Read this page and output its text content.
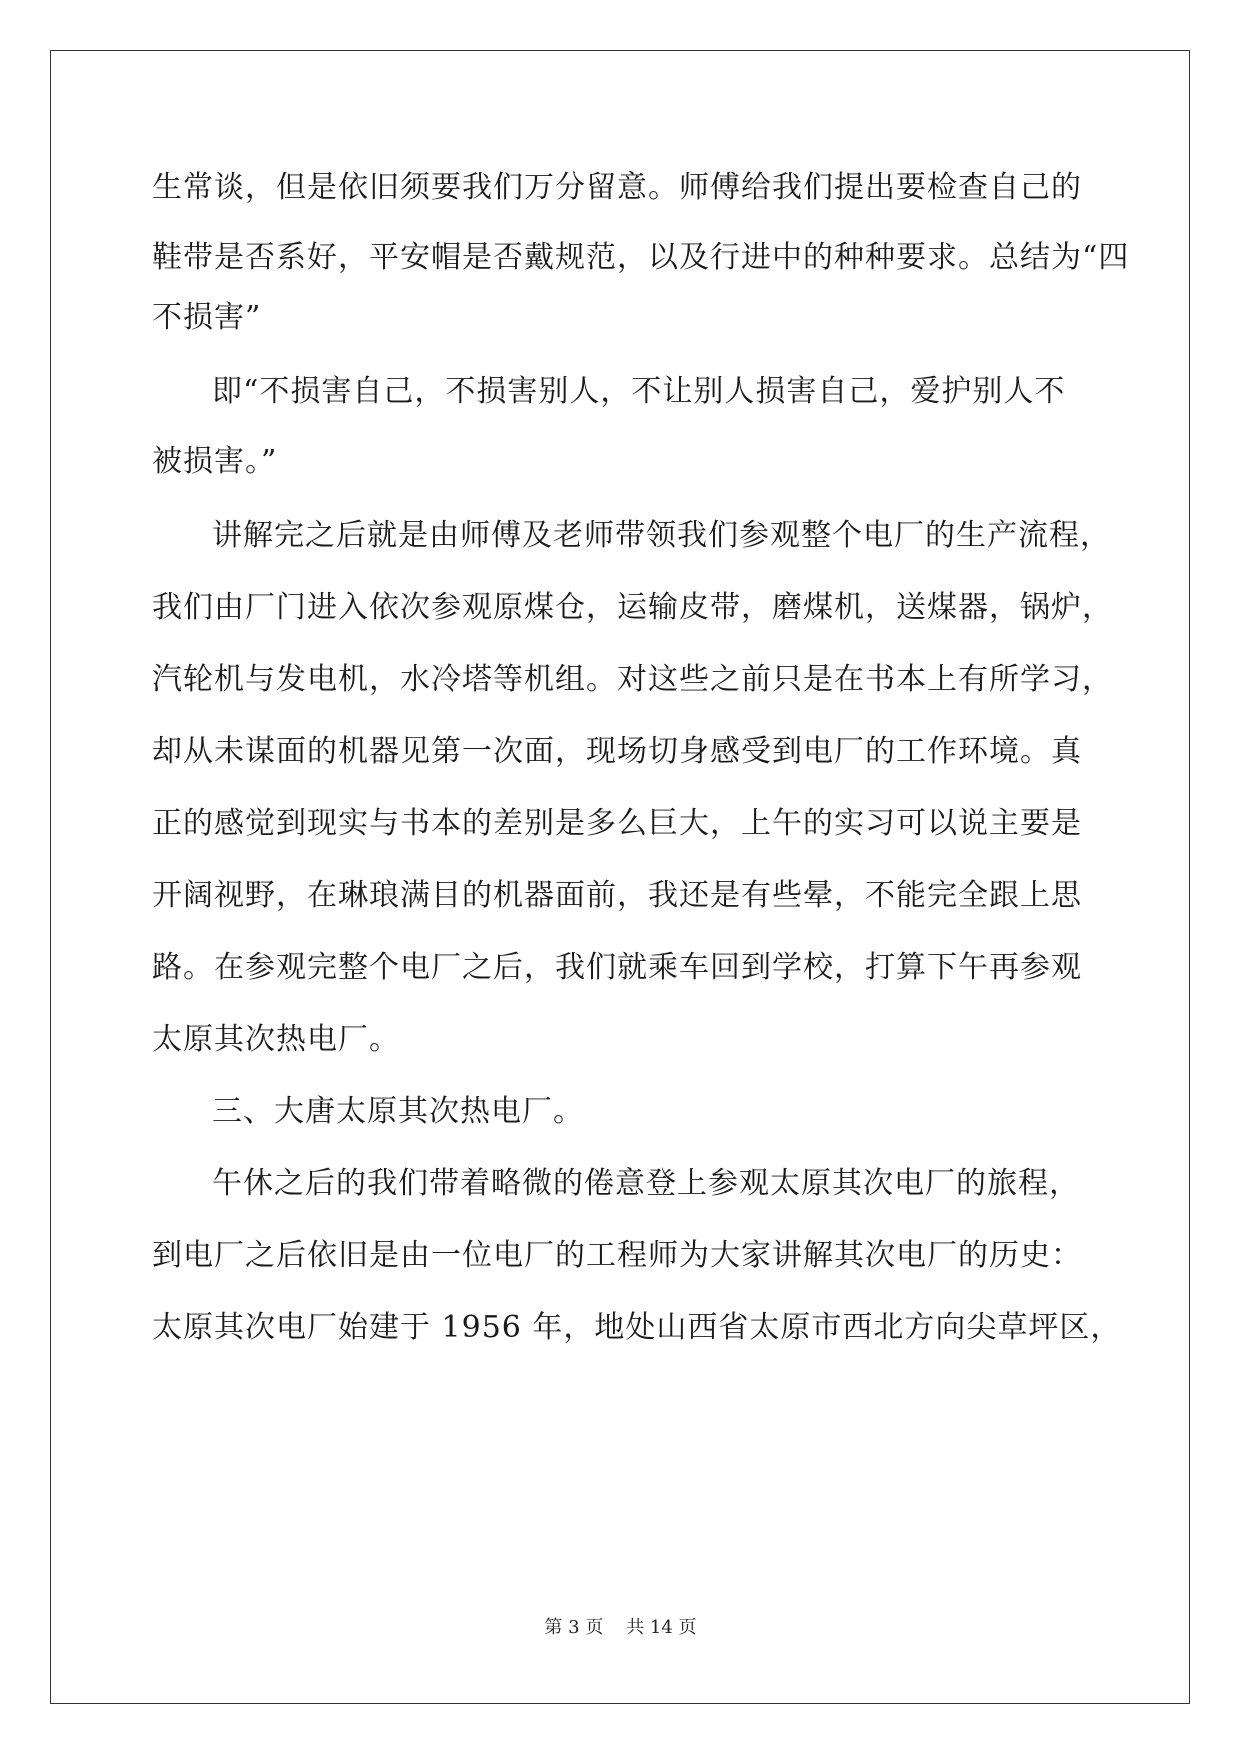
生常谈，但是依旧须要我们万分留意。师傅给我们提出要检查自己的
鞋带是否系好，平安帽是否戴规范，以及行进中的种种要求。总结为“四
不损害”
即“不损害自己，不损害别人，不让别人损害自己，爱护别人不
被损害。”
讲解完之后就是由师傅及老师带领我们参观整个电厂的生产流程，
我们由厂门进入依次参观原煤仓，运输皮带，磨煤机，送煤器，锅炉，
汽轮机与发电机，水冷塔等机组。对这些之前只是在书本上有所学习，
却从未谋面的机器见第一次面，现场切身感受到电厂的工作环境。真
正的感觉到现实与书本的差别是多么巨大，上午的实习可以说主要是
开阔视野，在琳琅满目的机器面前，我还是有些晕，不能完全跟上思
路。在参观完整个电厂之后，我们就乘车回到学校，打算下午再参观
太原其次热电厂。
三、大唐太原其次热电厂。
午休之后的我们带着略微的倦意登上参观太原其次电厂的旅程，
到电厂之后依旧是由一位电厂的工程师为大家讲解其次电厂的历史：
太原其次电厂始建于 1956 年，地处山西省太原市西北方向尖草坪区，
第 3 页    共 14 页
